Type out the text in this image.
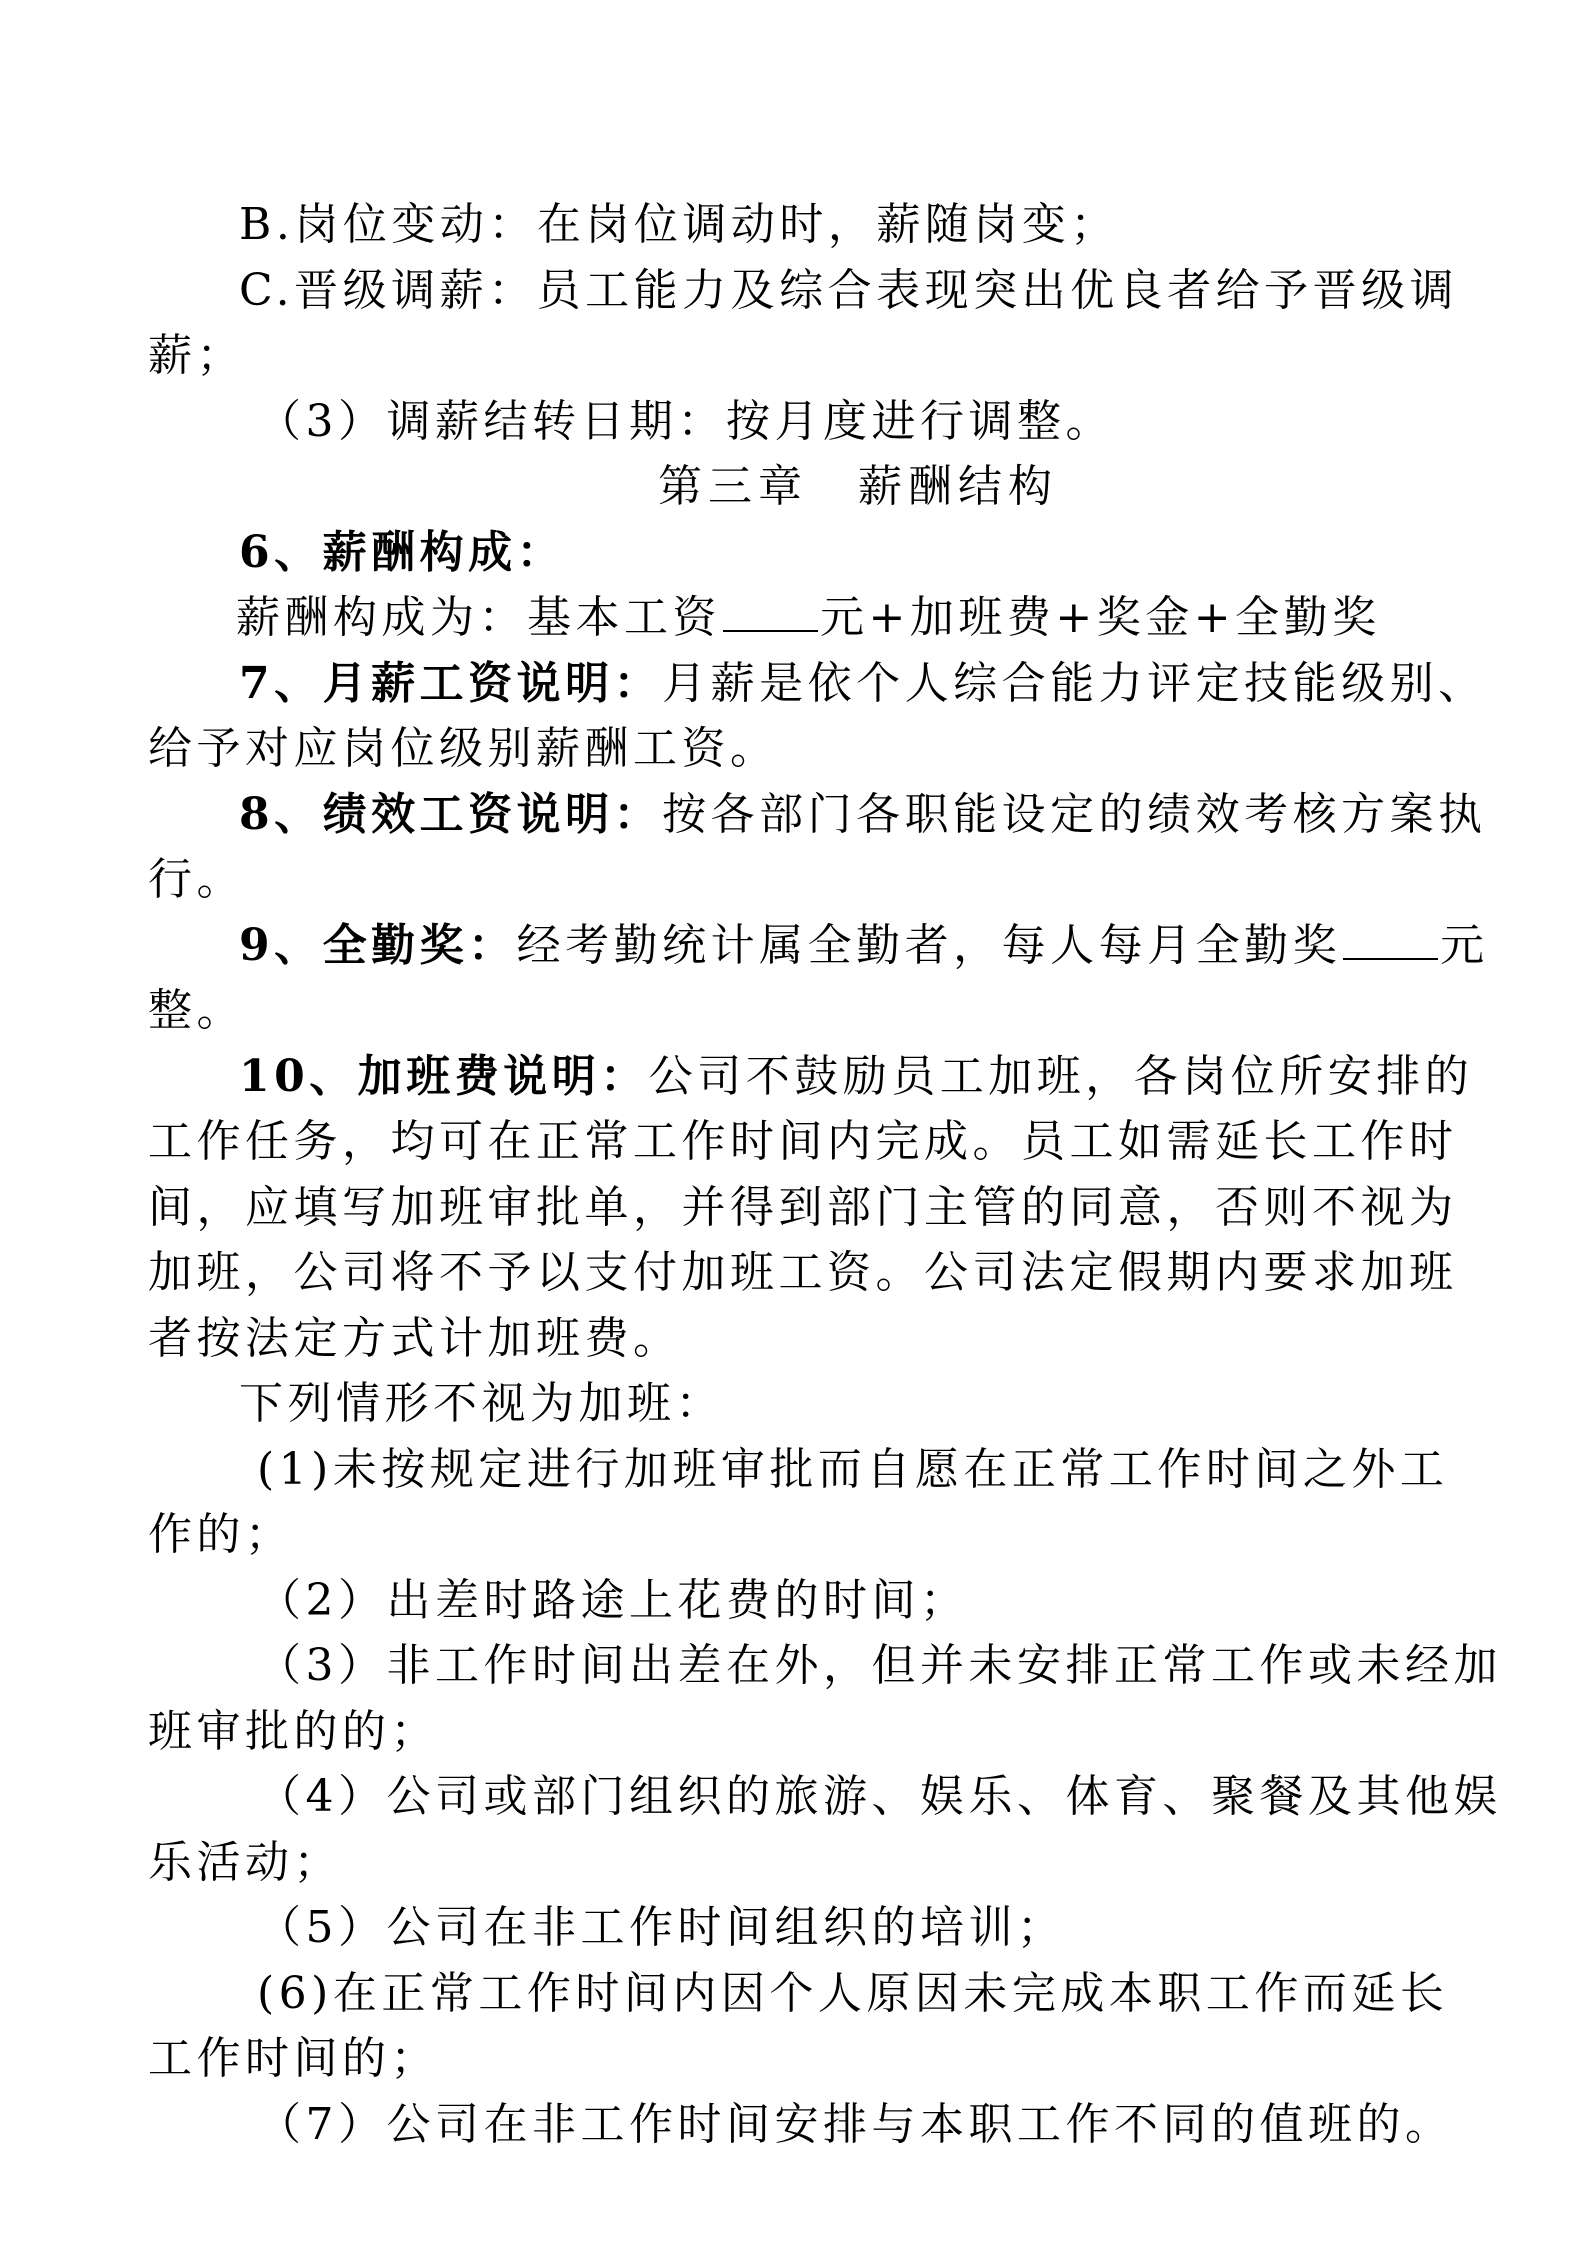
B.岗位变动：在岗位调动时，薪随岗变；
C.晋级调薪：员工能力及综合表现突出优良者给予晋级调
薪；
（3）调薪结转日期：按月度进行调整。
第三章 薪酬结构
6、薪酬构成：
薪酬构成为：基本工资 元+加班费+奖金+全勤奖
7、月薪工资说明：月薪是依个人综合能力评定技能级别、
给予对应岗位级别薪酬工资。
8、绩效工资说明：按各部门各职能设定的绩效考核方案执
行。
9、全勤奖：经考勤统计属全勤者，每人每月全勤奖 元
整。
10、加班费说明：公司不鼓励员工加班，各岗位所安排的
工作任务，均可在正常工作时间内完成。员工如需延长工作时
间，应填写加班审批单，并得到部门主管的同意，否则不视为
加班，公司将不予以支付加班工资。公司法定假期内要求加班
者按法定方式计加班费。
下列情形不视为加班：
(1)未按规定进行加班审批而自愿在正常工作时间之外工
作的；
（2）出差时路途上花费的时间；
（3）非工作时间出差在外，但并未安排正常工作或未经加
班审批的的；
（4）公司或部门组织的旅游、娱乐、体育、聚餐及其他娱
乐活动；
（5）公司在非工作时间组织的培训；
(6)在正常工作时间内因个人原因未完成本职工作而延长
工作时间的；
（7）公司在非工作时间安排与本职工作不同的值班的。
